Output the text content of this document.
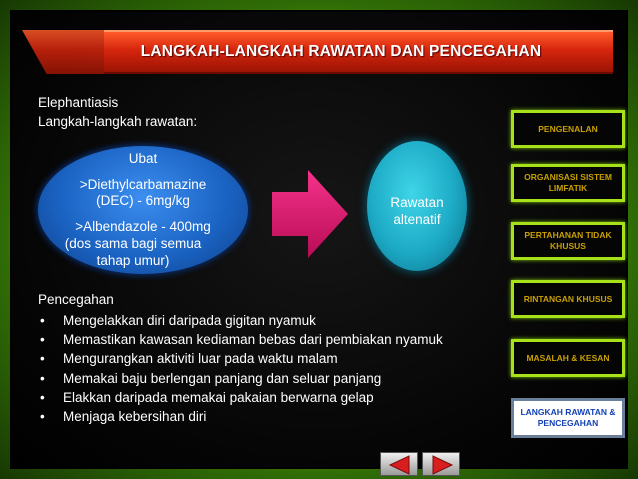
LANGKAH-LANGKAH RAWATAN DAN PENCEGAHAN
Elephantiasis
Langkah-langkah rawatan:
Ubat
>Diethylcarbamazine
(DEC) - 6mg/kg
>Albendazole - 400mg
(dos sama bagi semua
tahap umur)
Rawatan
altenatif
Pencegahan
• Mengelakkan diri daripada gigitan nyamuk
• Memastikan kawasan kediaman bebas dari pembiakan nyamuk
• Mengurangkan aktiviti luar pada waktu malam
• Memakai baju berlengan panjang dan seluar panjang
• Elakkan daripada memakai pakaian berwarna gelap
• Menjaga kebersihan diri
PENGENALAN
ORGANISASI SISTEM LIMFATIK
PERTAHANAN TIDAK KHUSUS
RINTANGAN KHUSUS
MASALAH & KESAN
LANGKAH RAWATAN & PENCEGAHAN
